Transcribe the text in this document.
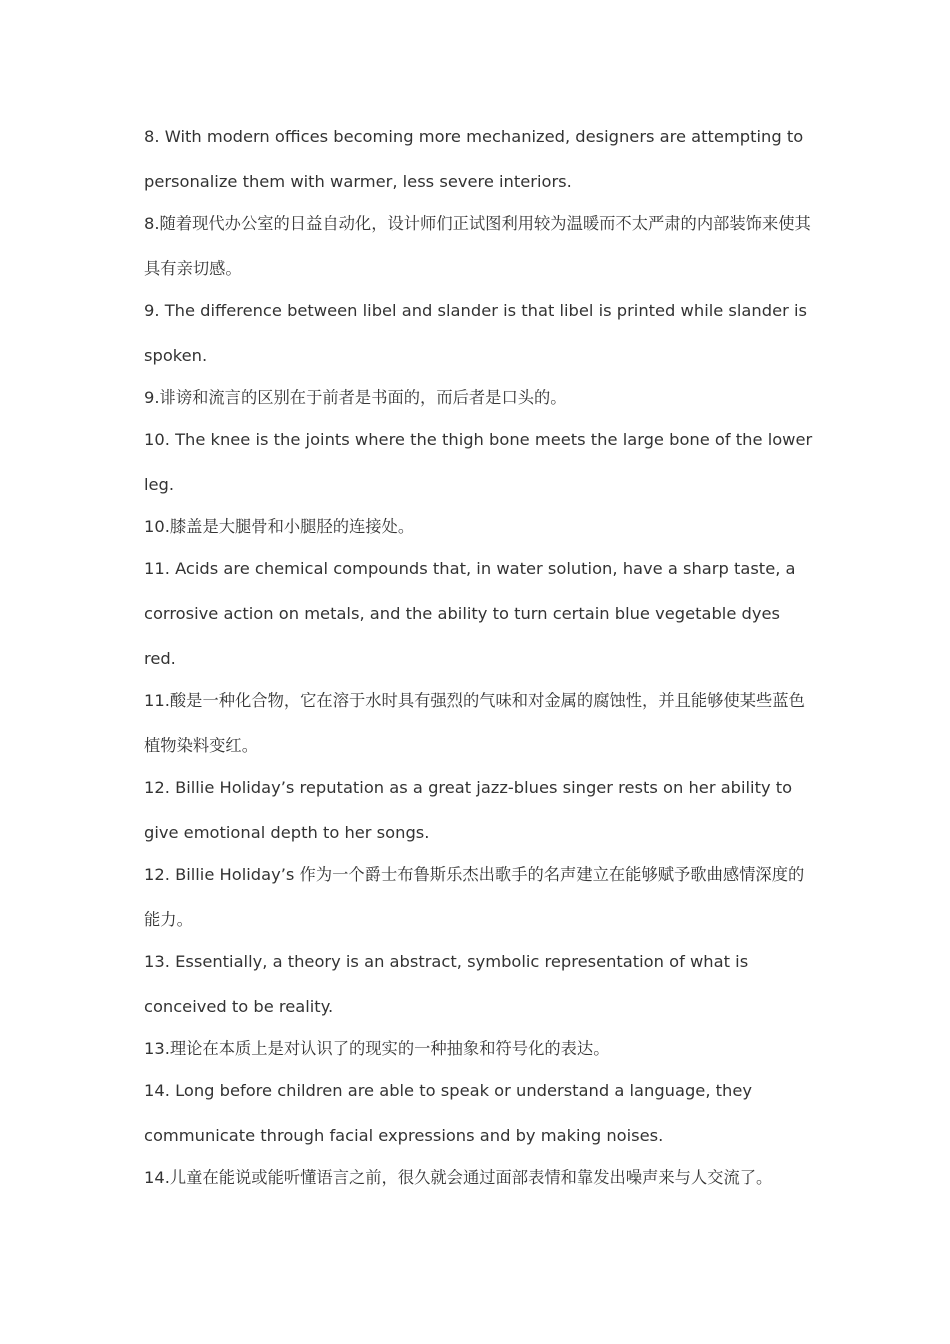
8. With modern offices becoming more mechanized, designers are attempting to personalize them with warmer, less severe interiors.

8.随着现代办公室的日益自动化，设计师们正试图利用较为温暖而不太严肃的内部装饰来使其具有亲切感。

9. The difference between libel and slander is that libel is printed while slander is spoken.

9.诽谤和流言的区别在于前者是书面的，而后者是口头的。

10. The knee is the joints where the thigh bone meets the large bone of the lower leg.

10.膝盖是大腿骨和小腿胫的连接处。

11. Acids are chemical compounds that, in water solution, have a sharp taste, a corrosive action on metals, and the ability to turn certain blue vegetable dyes red.

11.酸是一种化合物，它在溶于水时具有强烈的气味和对金属的腐蚀性，并且能够使某些蓝色植物染料变红。

12. Billie Holiday’s reputation as a great jazz-blues singer rests on her ability to give emotional depth to her songs.

12. Billie Holiday’s 作为一个爵士布鲁斯乐杰出歌手的名声建立在能够赋予歌曲感情深度的能力。

13. Essentially, a theory is an abstract, symbolic representation of what is conceived to be reality.

13.理论在本质上是对认识了的现实的一种抽象和符号化的表达。

14. Long before children are able to speak or understand a language, they communicate through facial expressions and by making noises.

14.儿童在能说或能听懂语言之前，很久就会通过面部表情和靠发出噪声来与人交流了。
